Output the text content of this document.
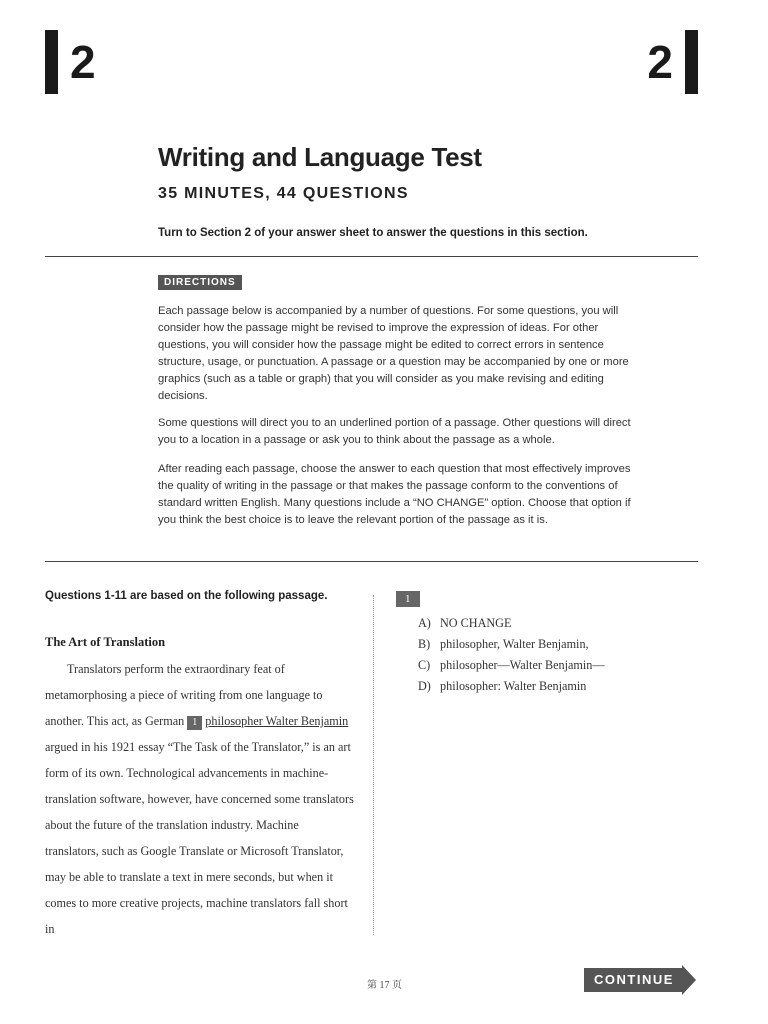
2	2
Writing and Language Test
35 MINUTES, 44 QUESTIONS
Turn to Section 2 of your answer sheet to answer the questions in this section.
DIRECTIONS

Each passage below is accompanied by a number of questions. For some questions, you will consider how the passage might be revised to improve the expression of ideas. For other questions, you will consider how the passage might be edited to correct errors in sentence structure, usage, or punctuation. A passage or a question may be accompanied by one or more graphics (such as a table or graph) that you will consider as you make revising and editing decisions.

Some questions will direct you to an underlined portion of a passage. Other questions will direct you to a location in a passage or ask you to think about the passage as a whole.

After reading each passage, choose the answer to each question that most effectively improves the quality of writing in the passage or that makes the passage conform to the conventions of standard written English. Many questions include a “NO CHANGE” option. Choose that option if you think the best choice is to leave the relevant portion of the passage as it is.

Questions 1-11 are based on the following passage.
The Art of Translation

Translators perform the extraordinary feat of metamorphosing a piece of writing from one language to another. This act, as German 1 philosopher Walter Benjamin argued in his 1921 essay “The Task of the Translator,” is an art form of its own. Technological advancements in machine-translation software, however, have concerned some translators about the future of the translation industry. Machine translators, such as Google Translate or Microsoft Translator, may be able to translate a text in mere seconds, but when it comes to more creative projects, machine translators fall short in

1
A) NO CHANGE
B) philosopher, Walter Benjamin,
C) philosopher—Walter Benjamin—
D) philosopher: Walter Benjamin
第 17 页	CONTINUE
